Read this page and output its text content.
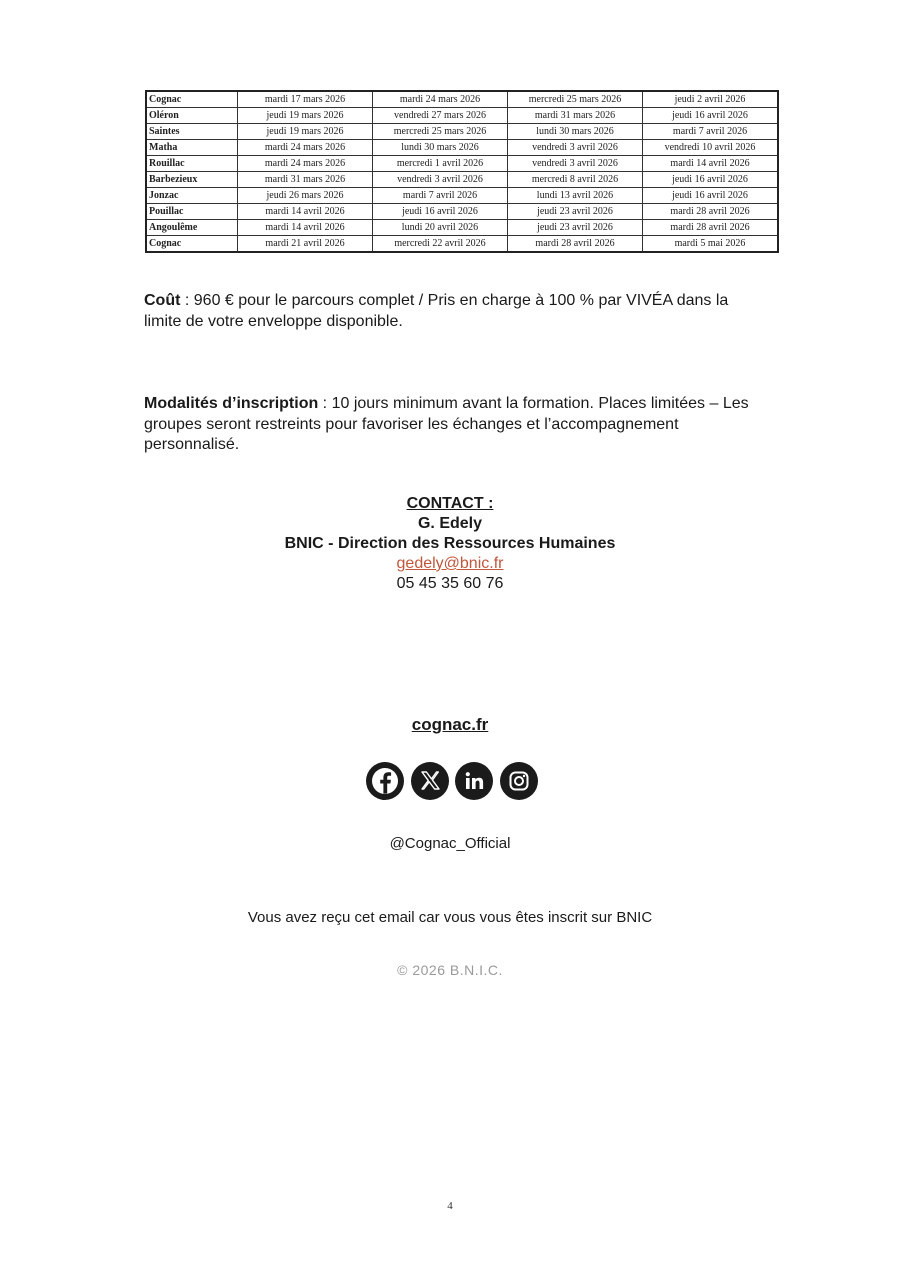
Cognac	mardi 17 mars 2026	mardi 24 mars 2026	mercredi 25 mars 2026	jeudi 2 avril 2026
Oléron	jeudi 19 mars 2026	vendredi 27 mars 2026	mardi 31 mars 2026	jeudi 16 avril 2026
Saintes	jeudi 19 mars 2026	mercredi 25 mars 2026	lundi 30 mars 2026	mardi 7 avril 2026
Matha	mardi 24 mars 2026	lundi 30 mars 2026	vendredi 3 avril 2026	vendredi 10 avril 2026
Rouillac	mardi 24 mars 2026	mercredi 1 avril 2026	vendredi 3 avril 2026	mardi 14 avril 2026
Barbezieux	mardi 31 mars 2026	vendredi 3 avril 2026	mercredi 8 avril 2026	jeudi 16 avril 2026
Jonzac	jeudi 26 mars 2026	mardi 7 avril 2026	lundi 13 avril 2026	jeudi 16 avril 2026
Pouillac	mardi 14 avril 2026	jeudi 16 avril 2026	jeudi 23 avril 2026	mardi 28 avril 2026
Angoulême	mardi 14 avril 2026	lundi 20 avril 2026	jeudi 23 avril 2026	mardi 28 avril 2026
Cognac	mardi 21 avril 2026	mercredi 22 avril 2026	mardi 28 avril 2026	mardi 5 mai 2026
Coût : 960 € pour le parcours complet / Pris en charge à 100 % par VIVÉA dans la limite de votre enveloppe disponible.
Modalités d’inscription : 10 jours minimum avant la formation. Places limitées – Les groupes seront restreints pour favoriser les échanges et l’accompagnement personnalisé.
CONTACT :
G. Edely
BNIC - Direction des Ressources Humaines
gedely@bnic.fr
05 45 35 60 76
cognac.fr
@Cognac_Official
Vous avez reçu cet email car vous vous êtes inscrit sur BNIC
© 2026 B.N.I.C.
4
